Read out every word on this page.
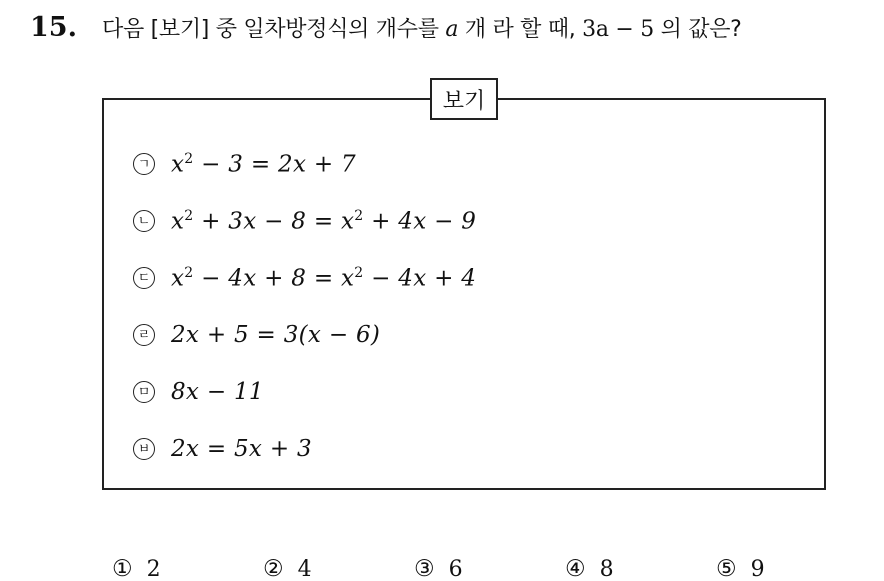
15.	다음 [보기] 중 일차방정식의 개수를 a 개 라 할 때, 3a − 5 의 값은?
보기
ㄱ $x^2 - 3 = 2x + 7$
ㄴ $x^2 + 3x - 8 = x^2 + 4x - 9$
ㄷ $x^2 - 4x + 8 = x^2 - 4x + 4$
ㄹ 2x + 5 = 3(x − 6)
ㅁ 8x − 11
ㅂ 2x = 5x + 3
① 2	② 4	③ 6	④ 8	⑤ 9
